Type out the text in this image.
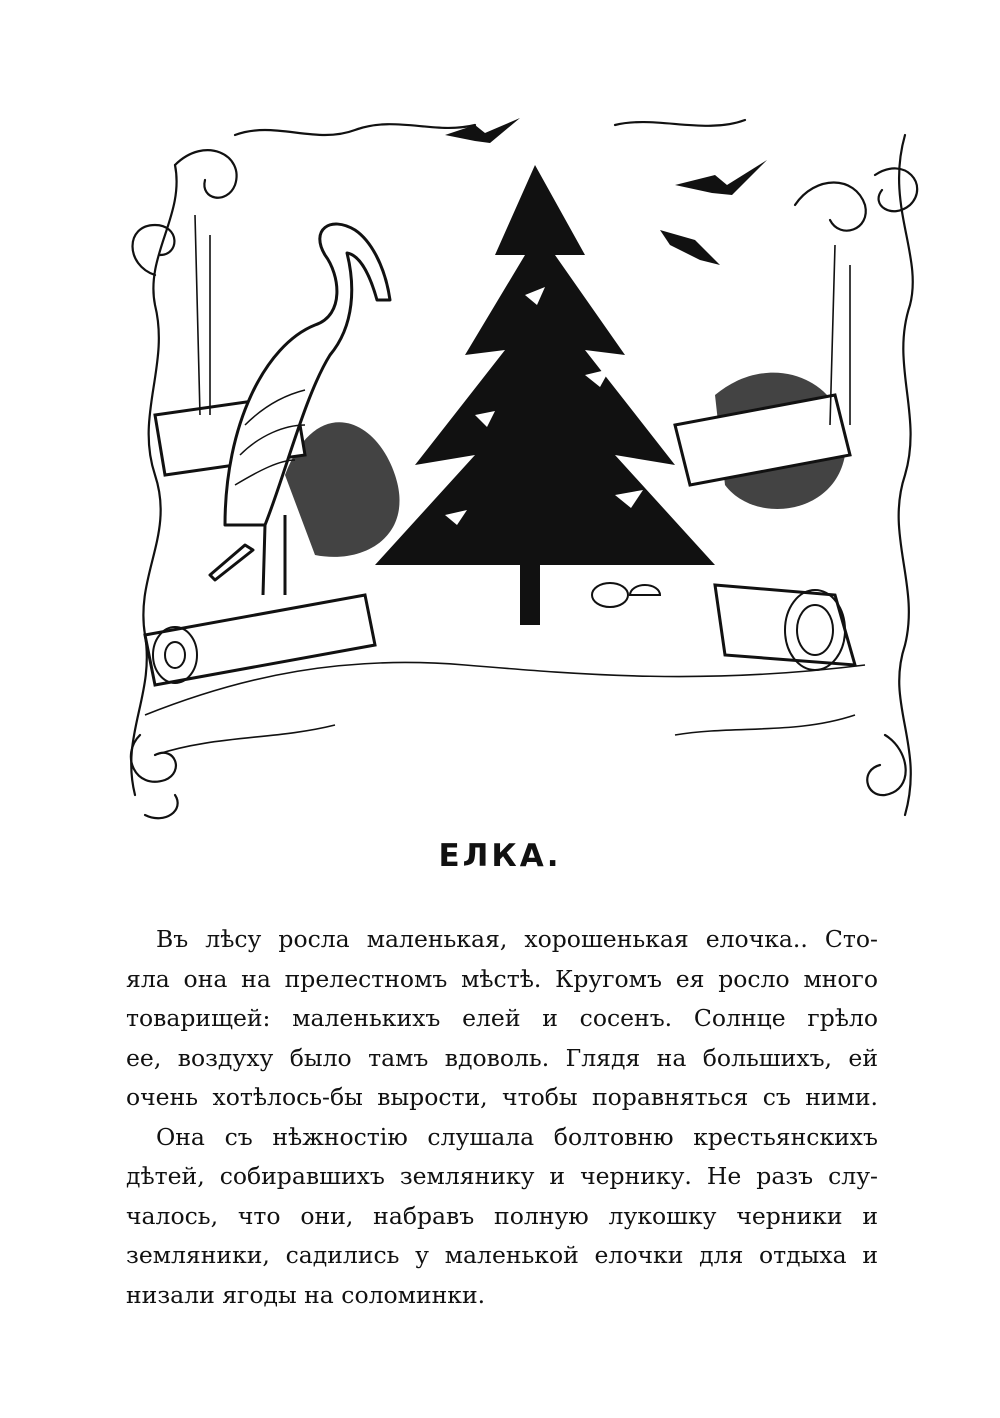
ЕЛКА.
Въ лѣсу росла маленькая, хорошенькая елочка.. Сто-
яла она на прелестномъ мѣстѣ. Кругомъ ея росло много
товарищей: маленькихъ елей и сосенъ. Солнце грѣло
ее, воздуху было тамъ вдоволь. Глядя на большихъ, ей
очень хотѣлось-бы вырости, чтобы поравняться съ ними.
Она съ нѣжностію слушала болтовню крестьянскихъ
дѣтей, собиравшихъ землянику и чернику. Не разъ слу-
чалось, что они, набравъ полную лукошку черники и
земляники, садились у маленькой елочки для отдыха и
низали ягоды на соломинки.
